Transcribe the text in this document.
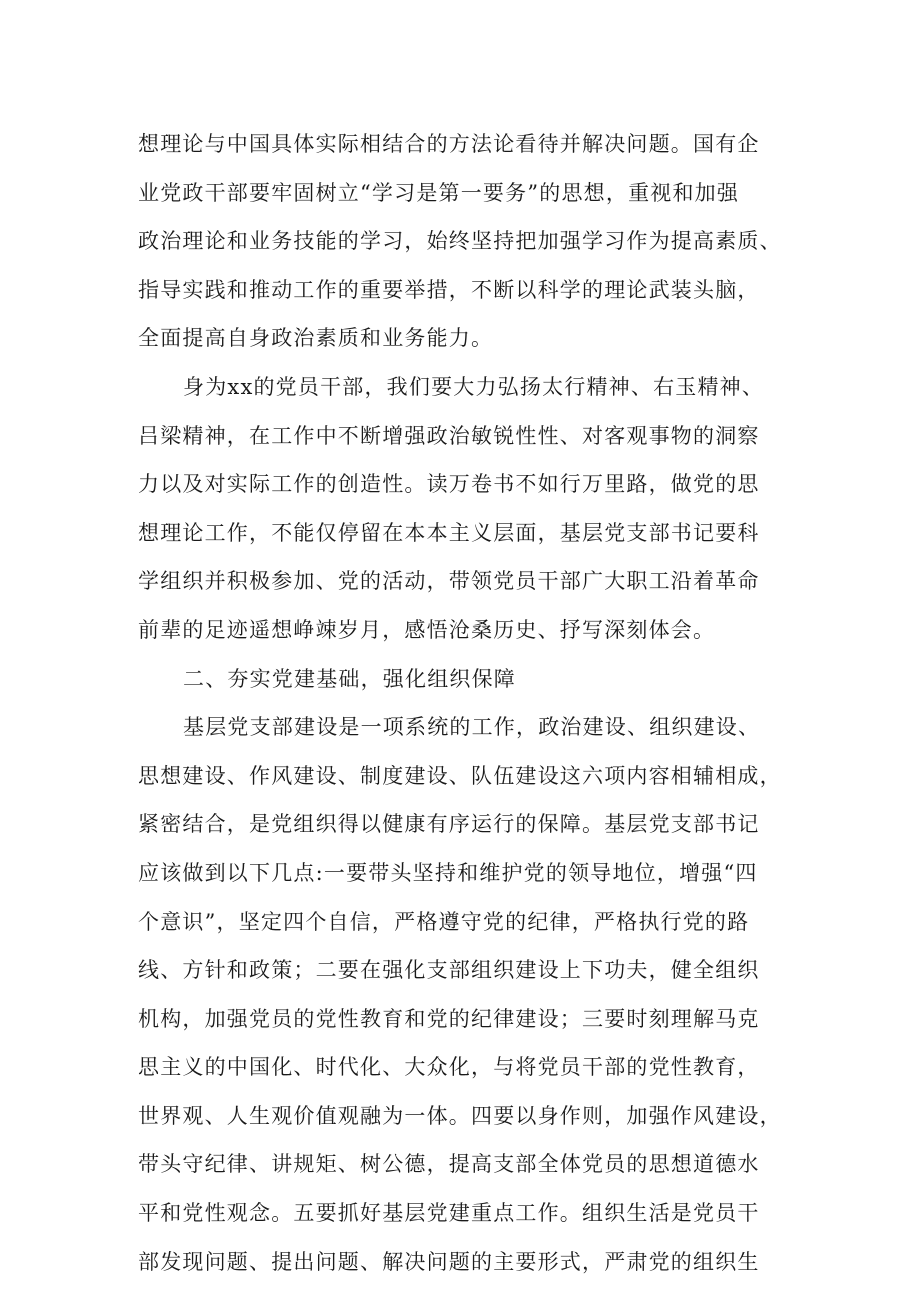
想理论与中国具体实际相结合的方法论看待并解决问题。国有企
业党政干部要牢固树立“学习是第一要务”的思想，重视和加强
政治理论和业务技能的学习，始终坚持把加强学习作为提高素质、
指导实践和推动工作的重要举措，不断以科学的理论武装头脑，
全面提高自身政治素质和业务能力。
身为xx的党员干部，我们要大力弘扬太行精神、右玉精神、
吕梁精神，在工作中不断增强政治敏锐性性、对客观事物的洞察
力以及对实际工作的创造性。读万卷书不如行万里路，做党的思
想理论工作，不能仅停留在本本主义层面，基层党支部书记要科
学组织并积极参加、党的活动，带领党员干部广大职工沿着革命
前辈的足迹遥想峥竦岁月，感悟沧桑历史、抒写深刻体会。
二、夯实党建基础，强化组织保障
基层党支部建设是一项系统的工作，政治建设、组织建设、
思想建设、作风建设、制度建设、队伍建设这六项内容相辅相成，
紧密结合，是党组织得以健康有序运行的保障。基层党支部书记
应该做到以下几点:一要带头坚持和维护党的领导地位，增强“四
个意识”，坚定四个自信，严格遵守党的纪律，严格执行党的路
线、方针和政策；二要在强化支部组织建设上下功夫，健全组织
机构，加强党员的党性教育和党的纪律建设；三要时刻理解马克
思主义的中国化、时代化、大众化，与将党员干部的党性教育，
世界观、人生观价值观融为一体。四要以身作则，加强作风建设，
带头守纪律、讲规矩、树公德，提高支部全体党员的思想道德水
平和党性观念。五要抓好基层党建重点工作。组织生活是党员干
部发现问题、提出问题、解决问题的主要形式，严肃党的组织生
